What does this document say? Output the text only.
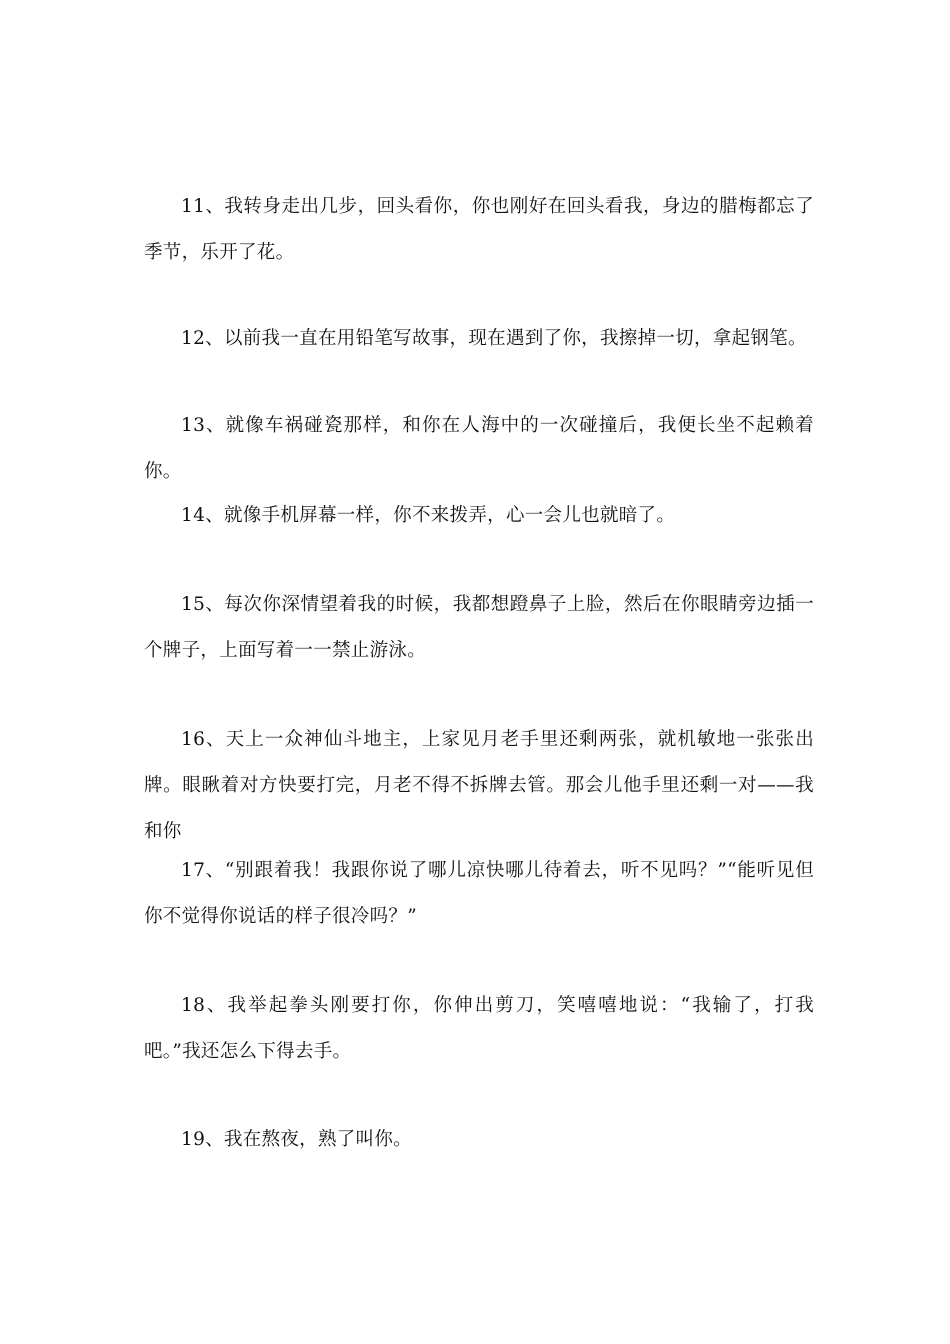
11、我转身走出几步，回头看你，你也刚好在回头看我，身边的腊梅都忘了季节，乐开了花。

12、以前我一直在用铅笔写故事，现在遇到了你，我擦掉一切，拿起钢笔。

13、就像车祸碰瓷那样，和你在人海中的一次碰撞后，我便长坐不起赖着你。

14、就像手机屏幕一样，你不来拨弄，心一会儿也就暗了。

15、每次你深情望着我的时候，我都想蹬鼻子上脸，然后在你眼睛旁边插一个牌子，上面写着一一禁止游泳。

16、天上一众神仙斗地主，上家见月老手里还剩两张，就机敏地一张张出牌。眼瞅着对方快要打完，月老不得不拆牌去管。那会儿他手里还剩一对——我和你

17、“别跟着我！我跟你说了哪儿凉快哪儿待着去，听不见吗？”“能听见但你不觉得你说话的样子很冷吗？”

18、我举起拳头刚要打你，你伸出剪刀，笑嘻嘻地说：“我输了，打我吧。”我还怎么下得去手。

19、我在熬夜，熟了叫你。
